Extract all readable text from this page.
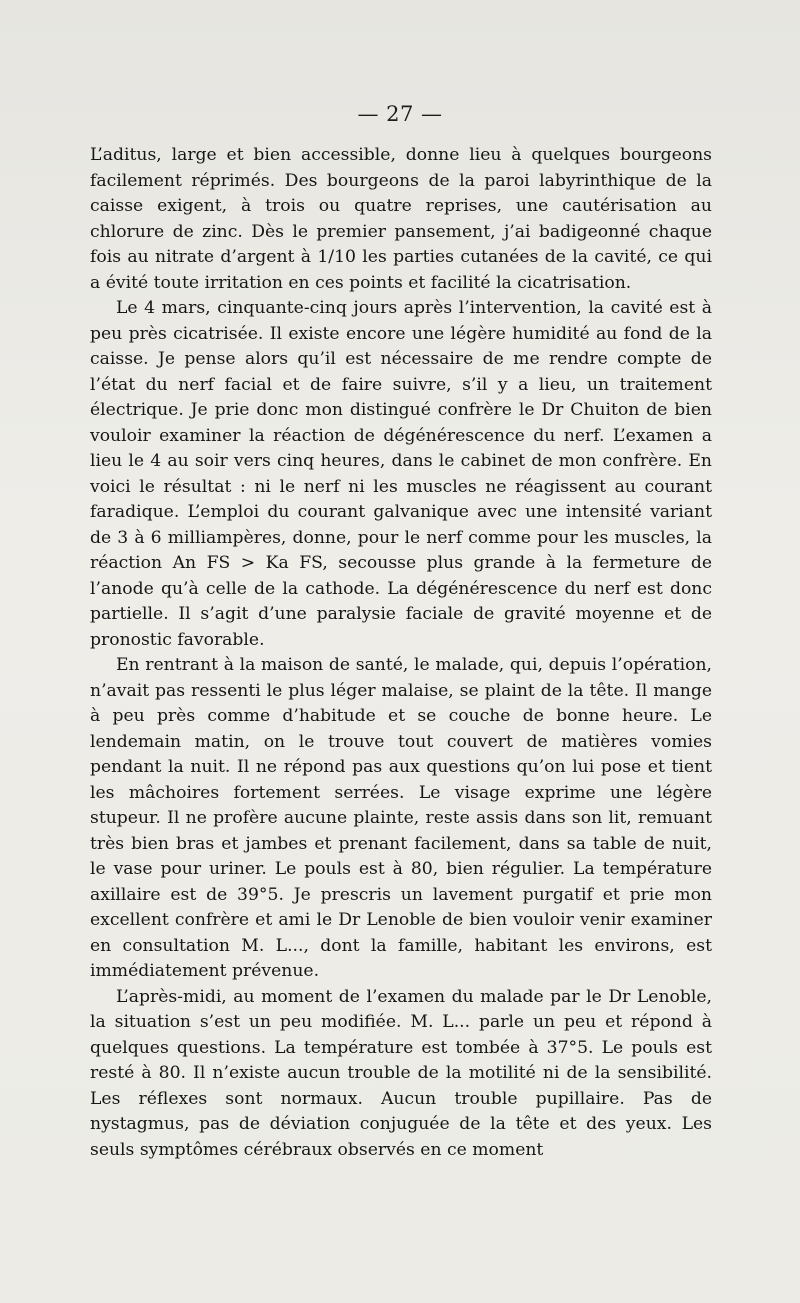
— 27 —

L’aditus, large et bien accessible, donne lieu à quelques bourgeons facilement réprimés. Des bourgeons de la paroi labyrinthique de la caisse exigent, à trois ou quatre reprises, une cautérisation au chlorure de zinc. Dès le premier pansement, j’ai badigeonné chaque fois au nitrate d’argent à 1/10 les parties cutanées de la cavité, ce qui a évité toute irritation en ces points et facilité la cicatrisation.

Le 4 mars, cinquante-cinq jours après l’intervention, la cavité est à peu près cicatrisée. Il existe encore une légère humidité au fond de la caisse. Je pense alors qu’il est nécessaire de me rendre compte de l’état du nerf facial et de faire suivre, s’il y a lieu, un traitement électrique. Je prie donc mon distingué confrère le Dr Chuiton de bien vouloir examiner la réaction de dégénérescence du nerf. L’examen a lieu le 4 au soir vers cinq heures, dans le cabinet de mon confrère. En voici le résultat : ni le nerf ni les muscles ne réagissent au courant faradique. L’emploi du courant galvanique avec une intensité variant de 3 à 6 milliampères, donne, pour le nerf comme pour les muscles, la réaction An FS > Ka FS, secousse plus grande à la fermeture de l’anode qu’à celle de la cathode. La dégénérescence du nerf est donc partielle. Il s’agit d’une paralysie faciale de gravité moyenne et de pronostic favorable.

En rentrant à la maison de santé, le malade, qui, depuis l’opération, n’avait pas ressenti le plus léger malaise, se plaint de la tête. Il mange à peu près comme d’habitude et se couche de bonne heure. Le lendemain matin, on le trouve tout couvert de matières vomies pendant la nuit. Il ne répond pas aux questions qu’on lui pose et tient les mâchoires fortement serrées. Le visage exprime une légère stupeur. Il ne profère aucune plainte, reste assis dans son lit, remuant très bien bras et jambes et prenant facilement, dans sa table de nuit, le vase pour uriner. Le pouls est à 80, bien régulier. La température axillaire est de 39°5. Je prescris un lavement purgatif et prie mon excellent confrère et ami le Dr Lenoble de bien vouloir venir examiner en consultation M. L..., dont la famille, habitant les environs, est immédiatement prévenue.

L’après-midi, au moment de l’examen du malade par le Dr Lenoble, la situation s’est un peu modifiée. M. L... parle un peu et répond à quelques questions. La température est tombée à 37°5. Le pouls est resté à 80. Il n’existe aucun trouble de la motilité ni de la sensibilité. Les réflexes sont normaux. Aucun trouble pupillaire. Pas de nystagmus, pas de déviation conjuguée de la tête et des yeux. Les seuls symptômes cérébraux observés en ce moment
